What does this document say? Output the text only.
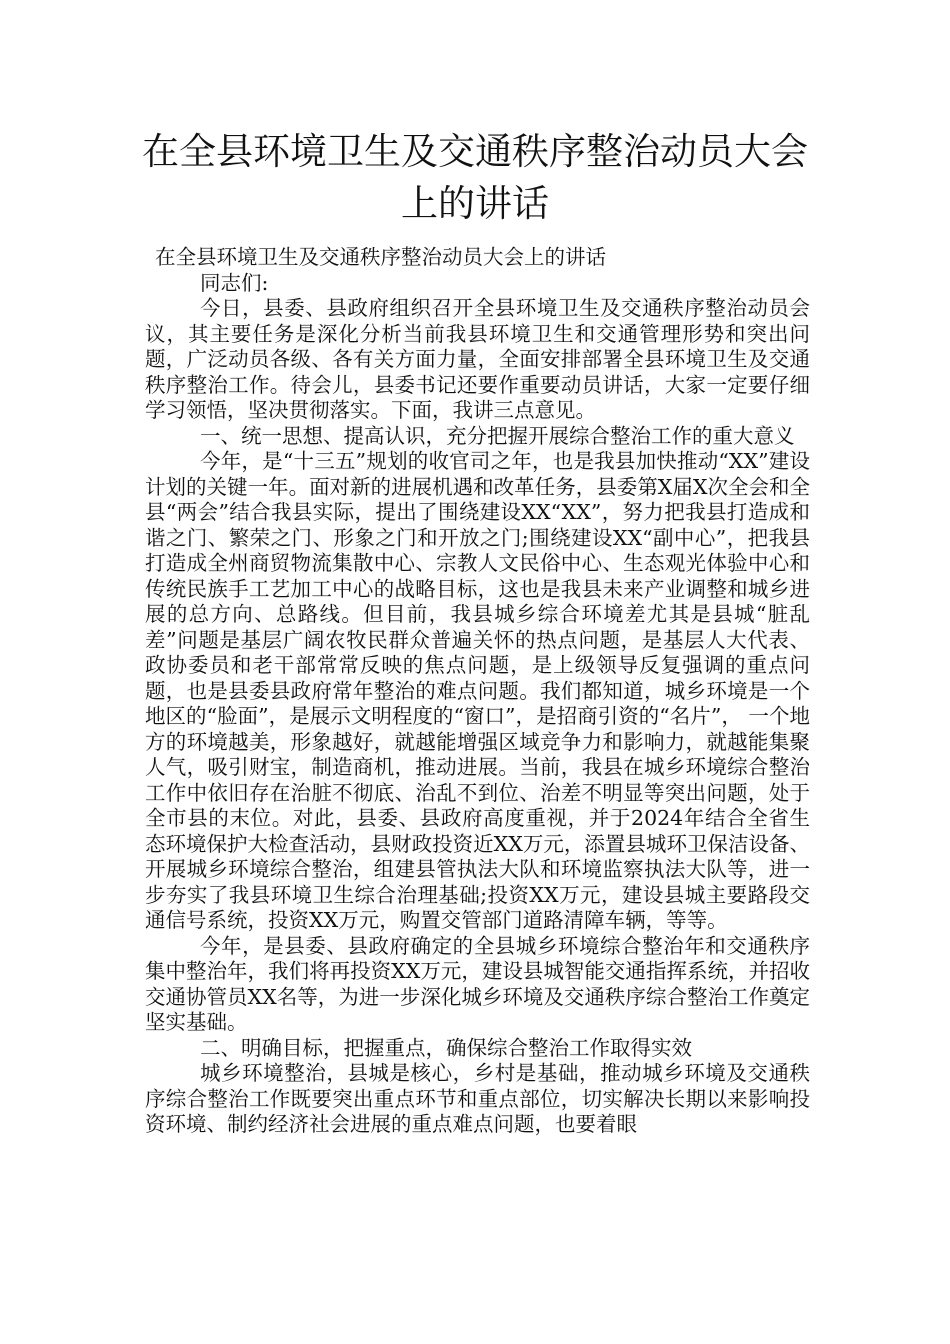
在全县环境卫生及交通秩序整治动员大会上的讲话

在全县环境卫生及交通秩序整治动员大会上的讲话

同志们:

今日，县委、县政府组织召开全县环境卫生及交通秩序整治动员会议，其主要任务是深化分析当前我县环境卫生和交通管理形势和突出问题，广泛动员各级、各有关方面力量，全面安排部署全县环境卫生及交通秩序整治工作。待会儿，县委书记还要作重要动员讲话，大家一定要仔细学习领悟，坚决贯彻落实。下面，我讲三点意见。

一、统一思想、提高认识，充分把握开展综合整治工作的重大意义

今年，是“十三五”规划的收官司之年，也是我县加快推动“XX”建设计划的关键一年。面对新的进展机遇和改革任务，县委第X届X次全会和全县“两会”结合我县实际，提出了围绕建设XX“XX”，努力把我县打造成和谐之门、繁荣之门、形象之门和开放之门;围绕建设XX“副中心”，把我县打造成全州商贸物流集散中心、宗教人文民俗中心、生态观光体验中心和传统民族手工艺加工中心的战略目标，这也是我县未来产业调整和城乡进展的总方向、总路线。但目前，我县城乡综合环境差尤其是县城“脏乱差”问题是基层广阔农牧民群众普遍关怀的热点问题，是基层人大代表、政协委员和老干部常常反映的焦点问题，是上级领导反复强调的重点问题，也是县委县政府常年整治的难点问题。我们都知道，城乡环境是一个地区的“脸面”，是展示文明程度的“窗口”，是招商引资的“名片”， 一个地方的环境越美，形象越好，就越能增强区域竞争力和影响力，就越能集聚人气，吸引财宝，制造商机，推动进展。当前，我县在城乡环境综合整治工作中依旧存在治脏不彻底、治乱不到位、治差不明显等突出问题，处于全市县的末位。对此，县委、县政府高度重视，并于2024年结合全省生态环境保护大检查活动，县财政投资近XX万元，添置县城环卫保洁设备、开展城乡环境综合整治，组建县管执法大队和环境监察执法大队等，进一步夯实了我县环境卫生综合治理基础;投资XX万元，建设县城主要路段交通信号系统，投资XX万元，购置交管部门道路清障车辆，等等。

今年，是县委、县政府确定的全县城乡环境综合整治年和交通秩序集中整治年，我们将再投资XX万元，建设县城智能交通指挥系统，并招收交通协管员XX名等，为进一步深化城乡环境及交通秩序综合整治工作奠定坚实基础。

二、明确目标，把握重点，确保综合整治工作取得实效

城乡环境整治，县城是核心，乡村是基础，推动城乡环境及交通秩序综合整治工作既要突出重点环节和重点部位，切实解决长期以来影响投资环境、制约经济社会进展的重点难点问题，也要着眼
